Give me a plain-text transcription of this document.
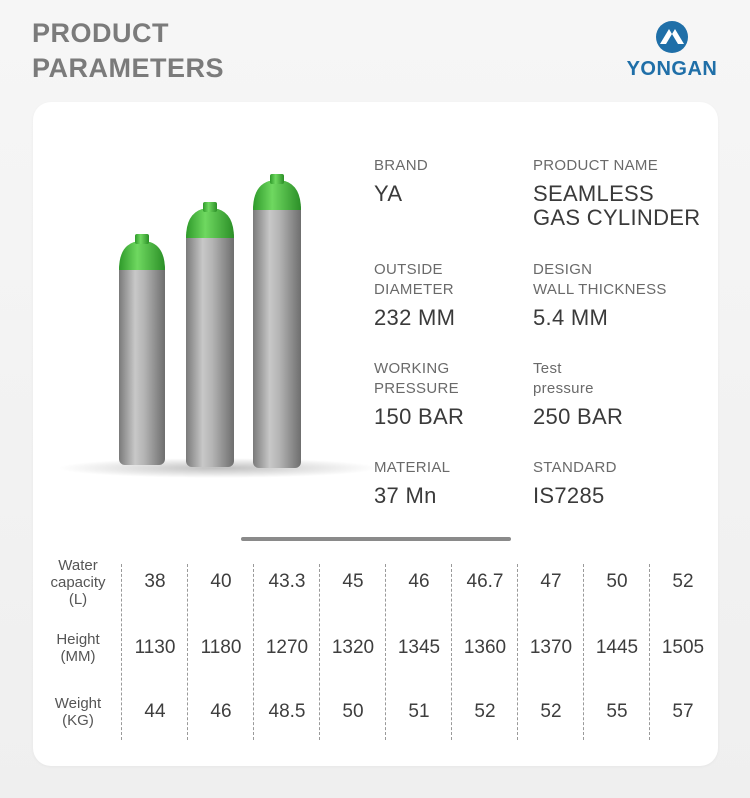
PRODUCT
PARAMETERS	YONGAN
BRAND
YA
PRODUCT NAME
SEAMLESS
GAS CYLINDER
OUTSIDE
DIAMETER
232 MM
DESIGN
WALL THICKNESS
5.4 MM
WORKING
PRESSURE
150 BAR
Test
pressure
250 BAR
MATERIAL
37 Mn
STANDARD
IS7285
Water
capacity
(L)
38	40	43.3	45	46	46.7	47	50	52
Height
(MM)	1130	1180	1270	1320	1345	1360	1370	1445	1505
Weight
(KG)	44	46	48.5	50	51	52	52	55	57
